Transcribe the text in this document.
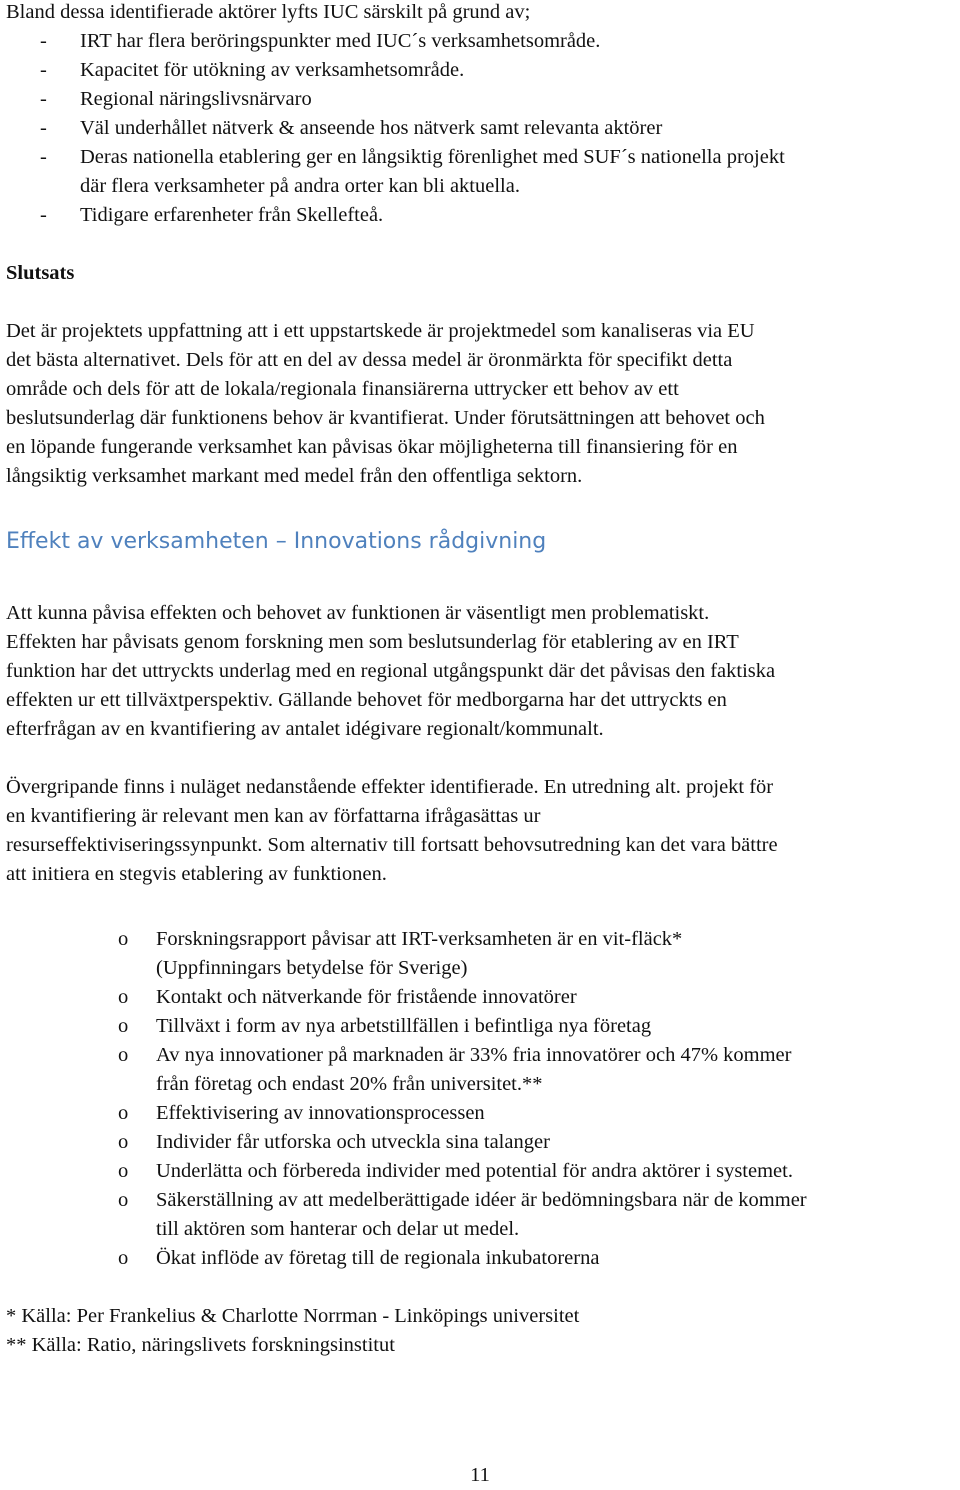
Bland dessa identifierade aktörer lyfts IUC särskilt på grund av;
- IRT har flera beröringspunkter med IUC´s verksamhetsområde.
- Kapacitet för utökning av verksamhetsområde.
- Regional näringslivsnärvaro
- Väl underhållet nätverk & anseende hos nätverk samt relevanta aktörer
- Deras nationella etablering ger en långsiktig förenlighet med SUF´s nationella projekt
där flera verksamheter på andra orter kan bli aktuella.
- Tidigare erfarenheter från Skellefteå.
Slutsats
Det är projektets uppfattning att i ett uppstartskede är projektmedel som kanaliseras via EU
det bästa alternativet. Dels för att en del av dessa medel är öronmärkta för specifikt detta
område och dels för att de lokala/regionala finansiärerna uttrycker ett behov av ett
beslutsunderlag där funktionens behov är kvantifierat. Under förutsättningen att behovet och
en löpande fungerande verksamhet kan påvisas ökar möjligheterna till finansiering för en
långsiktig verksamhet markant med medel från den offentliga sektorn.
Effekt av verksamheten – Innovations rådgivning
Att kunna påvisa effekten och behovet av funktionen är väsentligt men problematiskt.
Effekten har påvisats genom forskning men som beslutsunderlag för etablering av en IRT
funktion har det uttryckts underlag med en regional utgångspunkt där det påvisas den faktiska
effekten ur ett tillväxtperspektiv. Gällande behovet för medborgarna har det uttryckts en
efterfrågan av en kvantifiering av antalet idégivare regionalt/kommunalt.
Övergripande finns i nuläget nedanstående effekter identifierade. En utredning alt. projekt för
en kvantifiering är relevant men kan av författarna ifrågasättas ur
resurseffektiviseringssynpunkt. Som alternativ till fortsatt behovsutredning kan det vara bättre
att initiera en stegvis etablering av funktionen.
o Forskningsrapport påvisar att IRT-verksamheten är en vit-fläck*
(Uppfinningars betydelse för Sverige)
o Kontakt och nätverkande för fristående innovatörer
o Tillväxt i form av nya arbetstillfällen i befintliga nya företag
o Av nya innovationer på marknaden är 33% fria innovatörer och 47% kommer
från företag och endast 20% från universitet.**
o Effektivisering av innovationsprocessen
o Individer får utforska och utveckla sina talanger
o Underlätta och förbereda individer med potential för andra aktörer i systemet.
o Säkerställning av att medelberättigade idéer är bedömningsbara när de kommer
till aktören som hanterar och delar ut medel.
o Ökat inflöde av företag till de regionala inkubatorerna
* Källa: Per Frankelius & Charlotte Norrman - Linköpings universitet
** Källa: Ratio, näringslivets forskningsinstitut
11
